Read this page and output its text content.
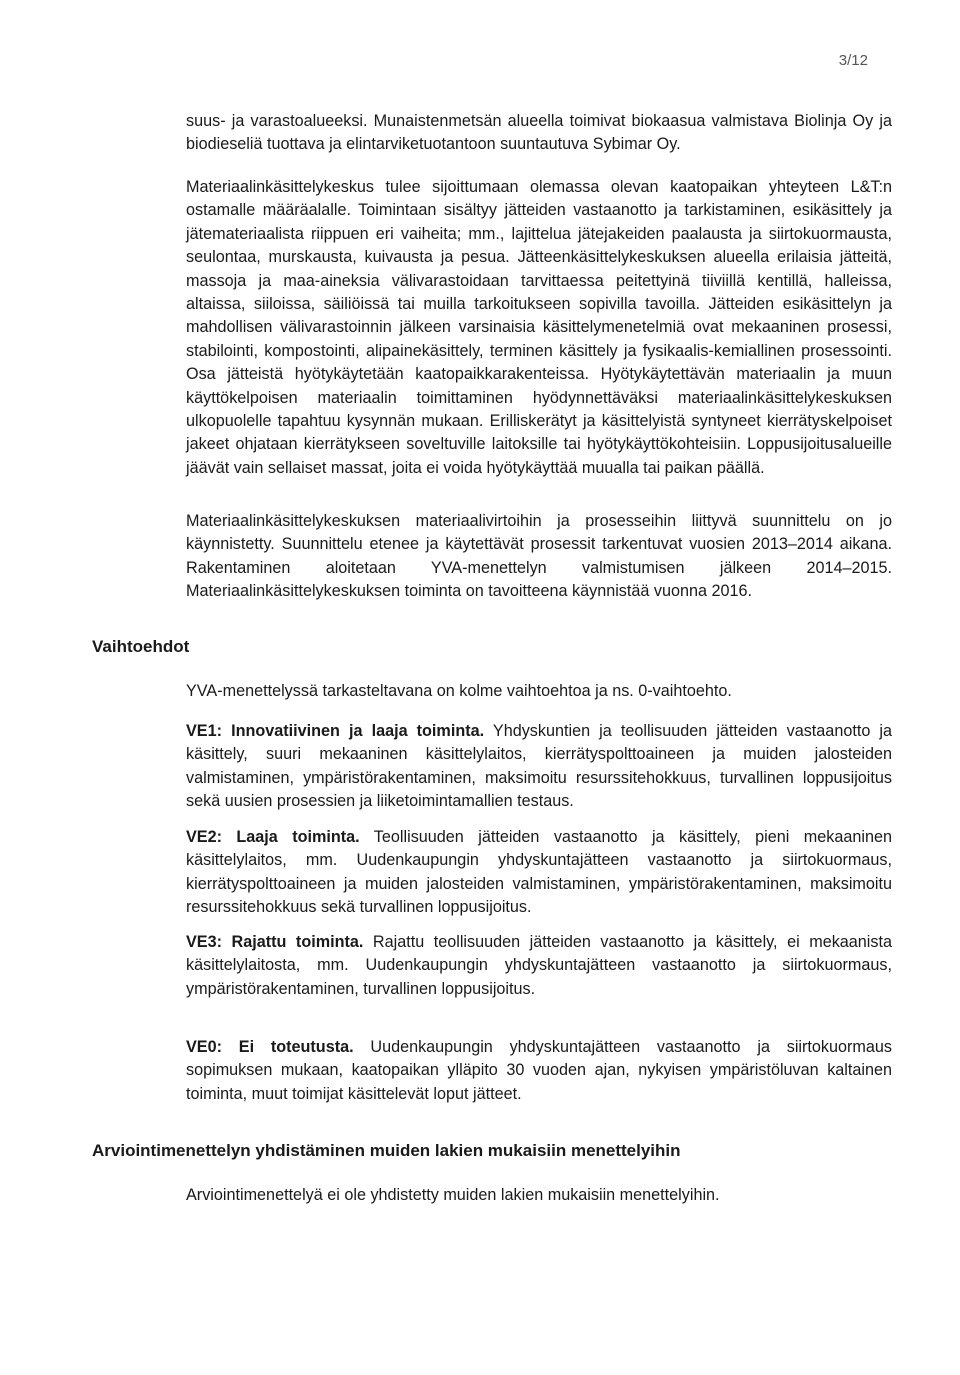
3/12

suus- ja varastoalueeksi. Munaistenmetsän alueella toimivat biokaasua valmistava Biolinja Oy ja biodieseliä tuottava ja elintarviketuotantoon suuntautuva Sybimar Oy.

Materiaalinkäsittelykeskus tulee sijoittumaan olemassa olevan kaatopaikan yhteyteen L&T:n ostamalle määräalalle. Toimintaan sisältyy jätteiden vastaanotto ja tarkistaminen, esikäsittely ja jätemateriaalista riippuen eri vaiheita; mm., lajittelua jätejakeiden paalausta ja siirtokuormausta, seulontaa, murskausta, kuivausta ja pesua. Jätteenkäsittelykeskuksen alueella erilaisia jätteitä, massoja ja maa-aineksia välivarastoidaan tarvittaessa peitettyinä tiiviillä kentillä, halleissa, altaissa, siiloissa, säiliöissä tai muilla tarkoitukseen sopivilla tavoilla. Jätteiden esikäsittelyn ja mahdollisen välivarastoinnin jälkeen varsinaisia käsittelymenetelmiä ovat mekaaninen prosessi, stabilointi, kompostointi, alipainekäsittely, terminen käsittely ja fysikaalis-kemiallinen prosessointi. Osa jätteistä hyötykäytetään kaatopaikkarakenteissa. Hyötykäytettävän materiaalin ja muun käyttökelpoisen materiaalin toimittaminen hyödynnettäväksi materiaalinkäsittelykeskuksen ulkopuolelle tapahtuu kysynnän mukaan. Erilliskerätyt ja käsittelyistä syntyneet kierrätyskelpoiset jakeet ohjataan kierrätykseen soveltuville laitoksille tai hyötykäyttökohteisiin. Loppusijoitusalueille jäävät vain sellaiset massat, joita ei voida hyötykäyttää muualla tai paikan päällä.

Materiaalinkäsittelykeskuksen materiaalivirtoihin ja prosesseihin liittyvä suunnittelu on jo käynnistetty. Suunnittelu etenee ja käytettävät prosessit tarkentuvat vuosien 2013–2014 aikana. Rakentaminen aloitetaan YVA-menettelyn valmistumisen jälkeen 2014–2015. Materiaalinkäsittelykeskuksen toiminta on tavoitteena käynnistää vuonna 2016.

Vaihtoehdot

YVA-menettelyssä tarkasteltavana on kolme vaihtoehtoa ja ns. 0-vaihtoehto.

VE1: Innovatiivinen ja laaja toiminta. Yhdyskuntien ja teollisuuden jätteiden vastaanotto ja käsittely, suuri mekaaninen käsittelylaitos, kierrätyspolttoaineen ja muiden jalosteiden valmistaminen, ympäristörakentaminen, maksimoitu resurssitehokkuus, turvallinen loppusijoitus sekä uusien prosessien ja liiketoimintamallien testaus.

VE2: Laaja toiminta. Teollisuuden jätteiden vastaanotto ja käsittely, pieni mekaaninen käsittelylaitos, mm. Uudenkaupungin yhdyskuntajätteen vastaanotto ja siirtokuormaus, kierrätyspolttoaineen ja muiden jalosteiden valmistaminen, ympäristörakentaminen, maksimoitu resurssitehokkuus sekä turvallinen loppusijoitus.

VE3: Rajattu toiminta. Rajattu teollisuuden jätteiden vastaanotto ja käsittely, ei mekaanista käsittelylaitosta, mm. Uudenkaupungin yhdyskuntajätteen vastaanotto ja siirtokuormaus, ympäristörakentaminen, turvallinen loppusijoitus.

VE0: Ei toteutusta. Uudenkaupungin yhdyskuntajätteen vastaanotto ja siirtokuormaus sopimuksen mukaan, kaatopaikan ylläpito 30 vuoden ajan, nykyisen ympäristöluvan kaltainen toiminta, muut toimijat käsittelevät loput jätteet.

Arviointimenettelyn yhdistäminen muiden lakien mukaisiin menettelyihin

Arviointimenettelyä ei ole yhdistetty muiden lakien mukaisiin menettelyihin.
